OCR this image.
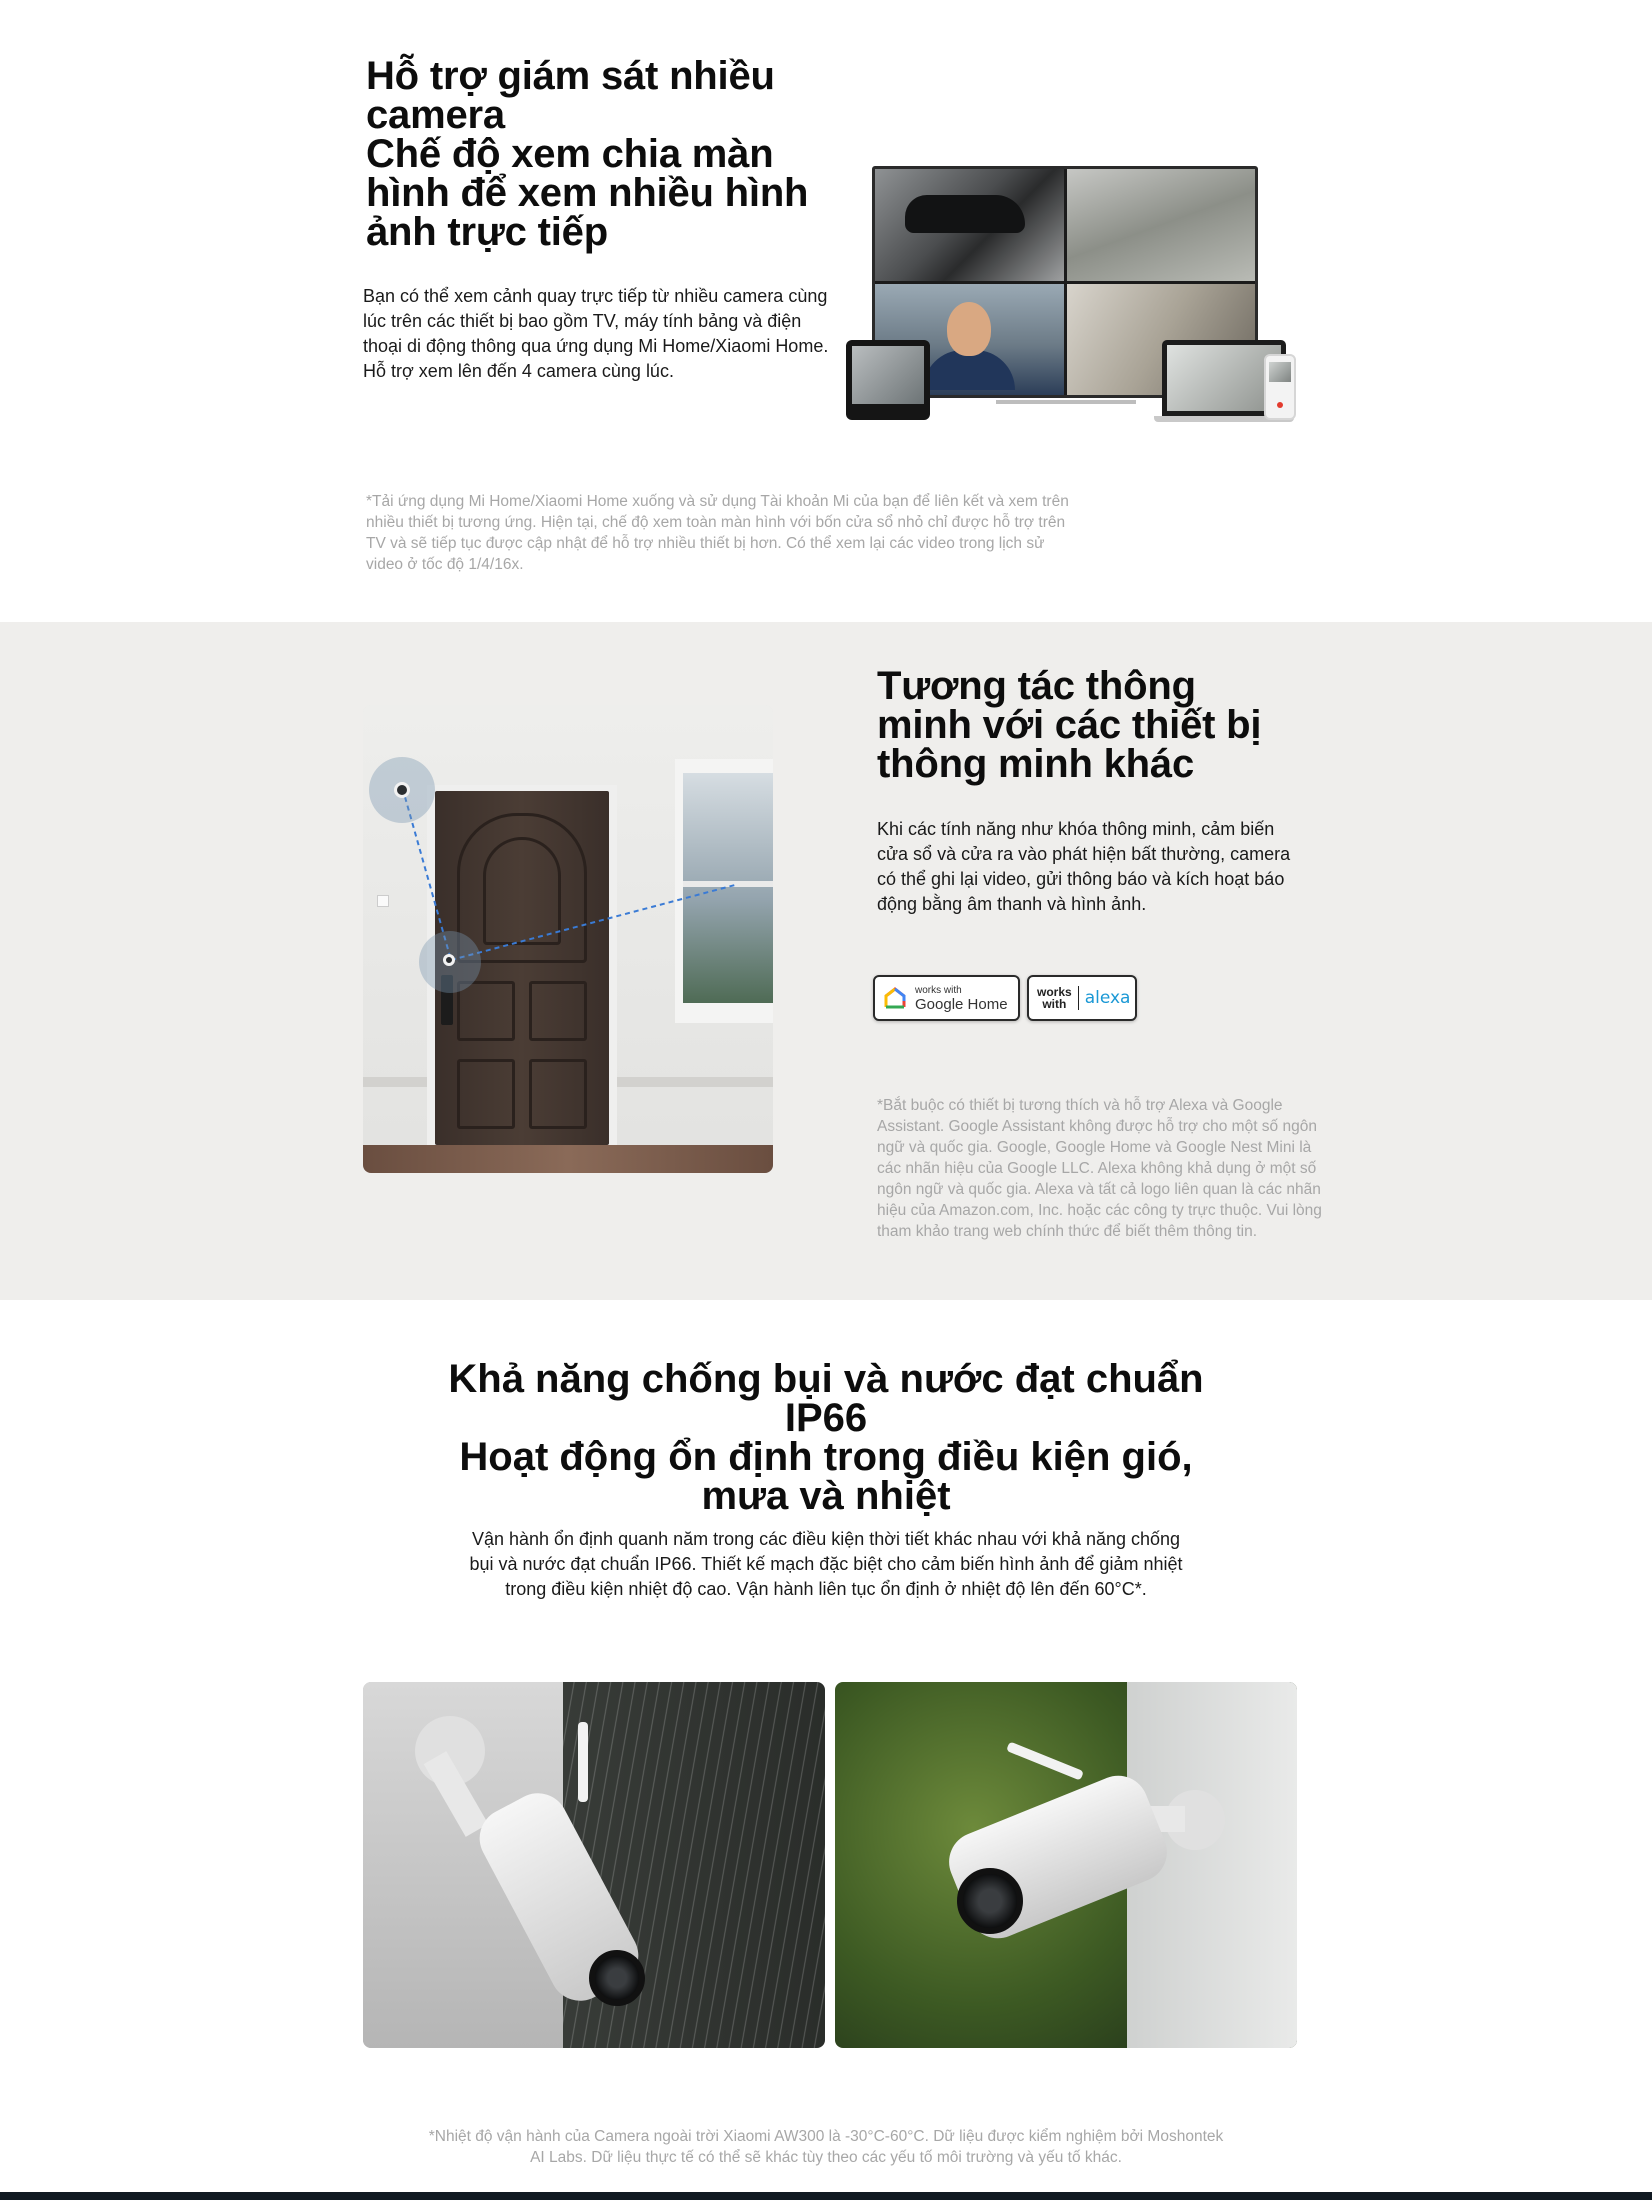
Hỗ trợ giám sát nhiều camera
Chế độ xem chia màn hình để xem nhiều hình ảnh trực tiếp

Bạn có thể xem cảnh quay trực tiếp từ nhiều camera cùng lúc trên các thiết bị bao gồm TV, máy tính bảng và điện thoại di động thông qua ứng dụng Mi Home/Xiaomi Home. Hỗ trợ xem lên đến 4 camera cùng lúc.

*Tải ứng dụng Mi Home/Xiaomi Home xuống và sử dụng Tài khoản Mi của bạn để liên kết và xem trên nhiều thiết bị tương ứng. Hiện tại, chế độ xem toàn màn hình với bốn cửa sổ nhỏ chỉ được hỗ trợ trên TV và sẽ tiếp tục được cập nhật để hỗ trợ nhiều thiết bị hơn. Có thể xem lại các video trong lịch sử video ở tốc độ 1/4/16x.

Tương tác thông minh với các thiết bị thông minh khác

Khi các tính năng như khóa thông minh, cảm biến cửa sổ và cửa ra vào phát hiện bất thường, camera có thể ghi lại video, gửi thông báo và kích hoạt báo động bằng âm thanh và hình ảnh.

works with
Google Home
works
with	alexa

*Bắt buộc có thiết bị tương thích và hỗ trợ Alexa và Google Assistant. Google Assistant không được hỗ trợ cho một số ngôn ngữ và quốc gia. Google, Google Home và Google Nest Mini là các nhãn hiệu của Google LLC. Alexa không khả dụng ở một số ngôn ngữ và quốc gia. Alexa và tất cả logo liên quan là các nhãn hiệu của Amazon.com, Inc. hoặc các công ty trực thuộc. Vui lòng tham khảo trang web chính thức để biết thêm thông tin.

Khả năng chống bụi và nước đạt chuẩn IP66
Hoạt động ổn định trong điều kiện gió, mưa và nhiệt

Vận hành ổn định quanh năm trong các điều kiện thời tiết khác nhau với khả năng chống bụi và nước đạt chuẩn IP66. Thiết kế mạch đặc biệt cho cảm biến hình ảnh để giảm nhiệt trong điều kiện nhiệt độ cao. Vận hành liên tục ổn định ở nhiệt độ lên đến 60°C*.

*Nhiệt độ vận hành của Camera ngoài trời Xiaomi AW300 là -30°C-60°C. Dữ liệu được kiểm nghiệm bởi Moshontek AI Labs. Dữ liệu thực tế có thể sẽ khác tùy theo các yếu tố môi trường và yếu tố khác.
